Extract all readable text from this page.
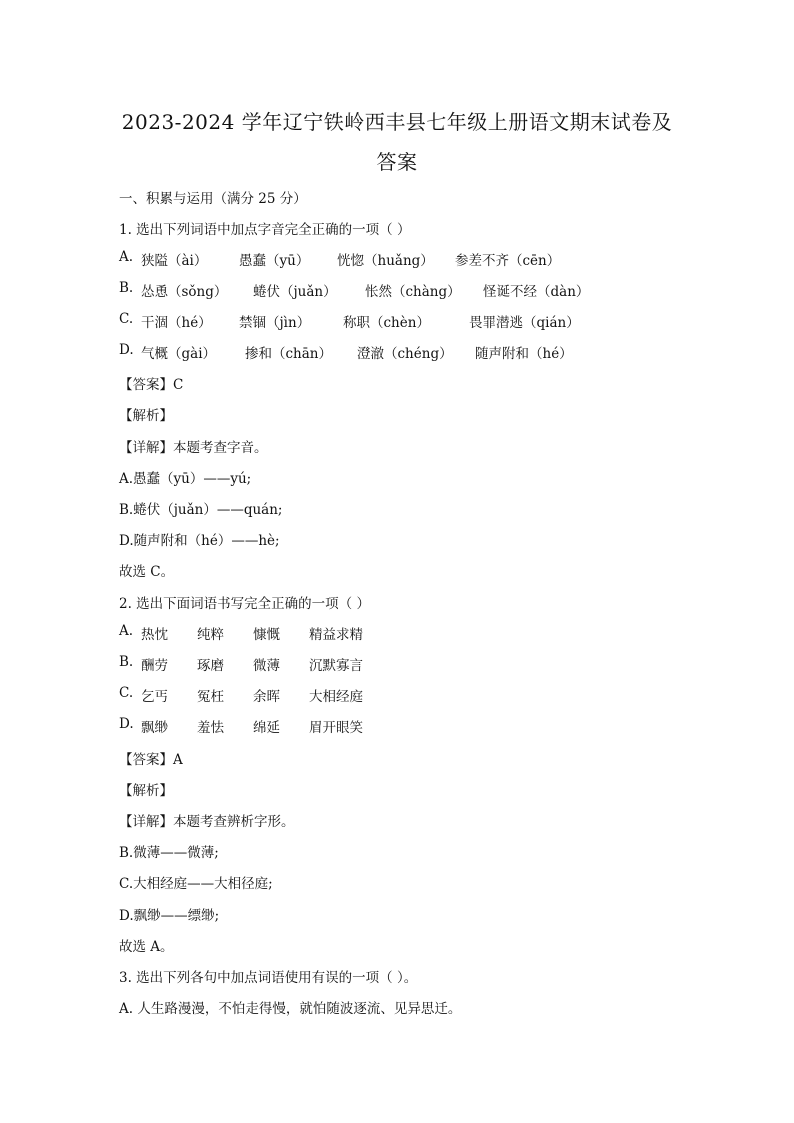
2023-2024 学年辽宁铁岭西丰县七年级上册语文期末试卷及
答案
一、积累与运用（满分 25 分）
1. 选出下列词语中加点字音完全正确的一项（ ）
A. 狭隘（ài） 愚蠢（yū） 恍惚（huǎng） 参差不齐（cēn）
B. 怂恿（sǒng） 蜷伏（juǎn） 怅然（chàng） 怪诞不经（dàn）
C. 干涸（hé） 禁锢（jìn） 称职（chèn）	畏罪潜逃（qián）
D. 气概（gài） 掺和（chān） 澄澈（chéng） 随声附和（hé）
【答案】C
【解析】
【详解】本题考查字音。
A.愚蠢（yū）——yú;
B.蜷伏（juǎn）——quán;
D.随声附和（hé）——hè;
故选 C。
2. 选出下面词语书写完全正确的一项（ ）
A. 热忱 纯粹 慷慨 精益求精
B. 酬劳 琢磨 微薄 沉默寡言
C. 乞丐 冤枉 余晖 大相经庭
D. 飘缈 羞怯 绵延 眉开眼笑
【答案】A
【解析】
【详解】本题考查辨析字形。
B.微薄——微薄;
C.大相经庭——大相径庭;
D.飘缈——缥缈;
故选 A。
3. 选出下列各句中加点词语使用有误的一项（ ）。
A. 人生路漫漫，不怕走得慢，就怕随波逐流、见异思迁。
